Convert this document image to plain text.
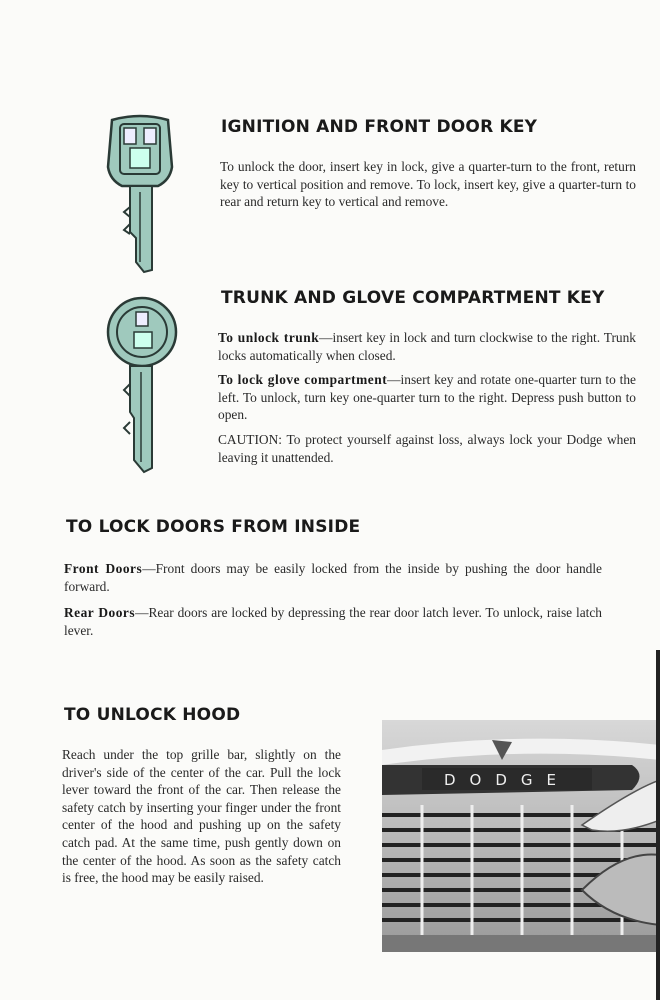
IGNITION AND FRONT DOOR KEY

To unlock the door, insert key in lock, give a quarter-turn to the front, return key to vertical position and remove. To lock, insert key, give a quarter-turn to rear and return key to vertical and remove.

TRUNK AND GLOVE COMPARTMENT KEY

To unlock trunk—insert key in lock and turn clockwise to the right. Trunk locks automatically when closed.

To lock glove compartment—insert key and rotate one-quarter turn to the left. To unlock, turn key one-quarter turn to the right. Depress push button to open.

CAUTION: To protect yourself against loss, always lock your Dodge when leaving it unattended.

TO LOCK DOORS FROM INSIDE

Front Doors—Front doors may be easily locked from the inside by pushing the door handle forward.

Rear Doors—Rear doors are locked by depressing the rear door latch lever. To unlock, raise latch lever.

TO UNLOCK HOOD

Reach under the top grille bar, slightly on the driver's side of the center of the car. Pull the lock lever toward the front of the car. Then release the safety catch by inserting your finger under the front center of the hood and pushing up on the safety catch pad. At the same time, push gently down on the center of the hood. As soon as the safety catch is free, the hood may be easily raised.

DODGE
